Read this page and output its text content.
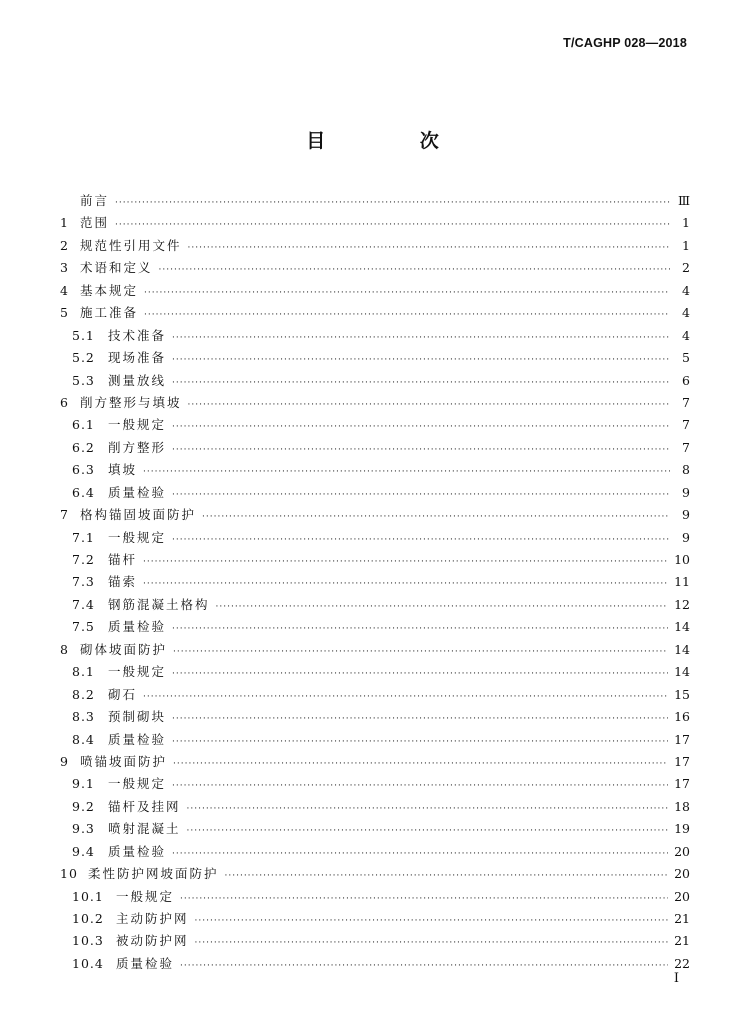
T/CAGHP 028—2018
目 次
前言 ·····	Ⅲ
1 范围 ·····	1
2 规范性引用文件 ·····	1
3 术语和定义 ·····	2
4 基本规定 ·····	4
5 施工准备 ·····	4
5.1	技术准备 ·····	4
5.2	现场准备 ·····	5
5.3	测量放线 ·····	6
6 削方整形与填坡 ·····	7
6.1	一般规定 ·····	7
6.2	削方整形 ·····	7
6.3	填坡 ·····	8
6.4	质量检验 ·····	9
7 格构锚固坡面防护 ·····	9
7.1	一般规定 ·····	9
7.2	锚杆 ·····	10
7.3	锚索 ·····	11
7.4	钢筋混凝土格构 ·····	12
7.5	质量检验 ·····	14
8 砌体坡面防护 ·····	14
8.1	一般规定 ·····	14
8.2	砌石 ·····	15
8.3	预制砌块 ·····	16
8.4	质量检验 ·····	17
9 喷锚坡面防护 ·····	17
9.1	一般规定 ·····	17
9.2	锚杆及挂网 ·····	18
9.3	喷射混凝土 ·····	19
9.4	质量检验 ·····	20
10 柔性防护网坡面防护 ·····	20
10.1 一般规定 ·····	20
10.2 主动防护网 ·····	21
10.3 被动防护网 ·····	21
10.4 质量检验 ·····	22
I
